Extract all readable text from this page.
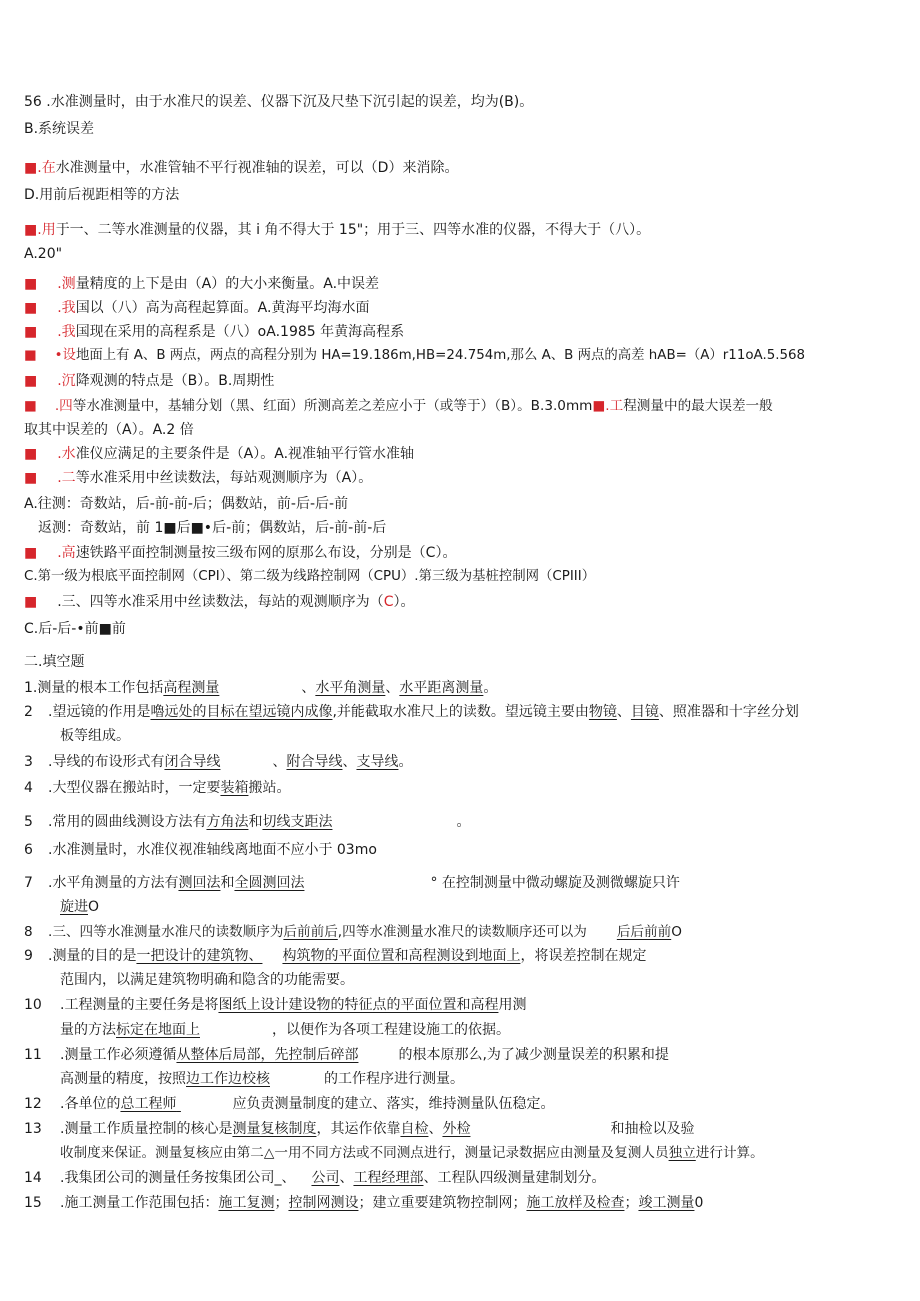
56 .水准测量时，由于水准尺的误差、仪器下沉及尺垫下沉引起的误差，均为(B)。
B.系统误差
■.在水准测量中，水准管轴不平行视准轴的误差，可以（D）来消除。
D.用前后视距相等的方法
■.用于一、二等水准测量的仪器，其 i 角不得大于 15"；用于三、四等水准的仪器，不得大于（八）。
A.20"
■ .测量精度的上下是由（A）的大小来衡量。A.中误差
■ .我国以（八）高为高程起算面。A.黄海平均海水面
■ .我国现在采用的高程系是（八）oA.1985 年黄海高程系
■ •设地面上有 A、B 两点，两点的高程分别为 HA=19.186m,HB=24.754m,那么 A、B 两点的高差 hAB=（A）r11oA.5.568
■ .沉降观测的特点是（B）。B.周期性
■ .四等水准测量中，基辅分划（黑、红面）所测高差之差应小于（或等于）（B）。B.3.0mm■.工程测量中的最大误差一般
取其中误差的（A）。A.2 倍
■ .水准仪应满足的主要条件是（A）。A.视准轴平行管水准轴
■ .二等水准采用中丝读数法，每站观测顺序为（A）。
A.往测：奇数站，后-前-前-后；偶数站，前-后-后-前
返测：奇数站，前 1■后■•后-前；偶数站，后-前-前-后
■ .高速铁路平面控制测量按三级布网的原那么布设，分别是（C）。
C.第一级为根底平面控制网（CPI）、第二级为线路控制网（CPU）.第三级为基桩控制网（CPIII）
■ .三、四等水准采用中丝读数法，每站的观测顺序为（C）。
C.后-后-•前■前
二.填空题
1.测量的根本工作包括高程测量	、水平角测量、水平距离测量。
2 .望远镜的作用是嚕远处的目标在望远镜内成像,并能截取水准尺上的读数。望远镜主要由物镜、目镜、照准器和十字丝分划
板等组成。
3 .导线的布设形式有闭合导线	、附合导线、支导线。
4 .大型仪器在搬站时，一定要装箱搬站。
5 .常用的圆曲线测设方法有方角法和切线支距法	。
6 .水准测量时，水准仪视准轴线离地面不应小于 03mo
7 .水平角测量的方法有测回法和全圆测回法	° 在控制测量中微动螺旋及测微螺旋只许
旋进O
8 .三、四等水准测量水准尺的读数顺序为后前前后,四等水准测量水准尺的读数顺序还可以为 后后前前O
9 .测量的目的是一把设计的建筑物、 构筑物的平面位置和高程测设到地面上，将误差控制在规定
范围内，以满足建筑物明确和隐含的功能需要。
10 .工程测量的主要任务是将图纸上设计建设物的特征点的平面位置和高程用测
量的方法标定在地面上	，以便作为各项工程建设施工的依据。
11 .测量工作必须遵循从整体后局部，先控制后碎部	的根本原那么,为了减少测量误差的积累和提
高测量的精度，按照边工作边校核	的工作程序进行测量。
12 .各单位的总工程师	应负责测量制度的建立、落实，维持测量队伍稳定。
13 .测量工作质量控制的核心是测量复核制度，其运作依靠自检、外检	和抽检以及验
收制度来保证。测量复核应由第二△一用不同方法或不同测点进行，测量记录数据应由测量及复测人员独立进行计算。
14 .我集团公司的测量任务按集团公司_、 公司、工程经理部、工程队四级测量建制划分。
15 .施工测量工作范围包括：施工复测；控制网测设；建立重要建筑物控制网；施工放样及检查；竣工测量0
